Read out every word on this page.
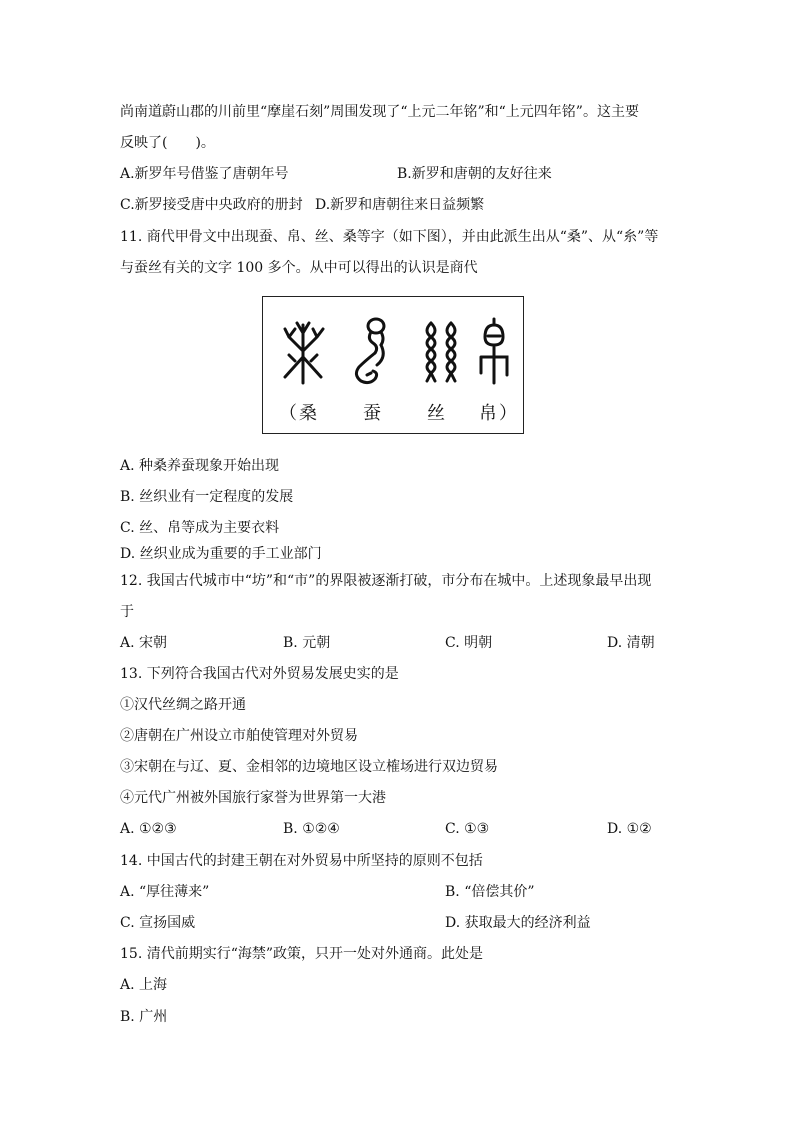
尚南道蔚山郡的川前里“摩崖石刻”周围发现了“上元二年铭”和“上元四年铭”。这主要
反映了(　　)。
A.新罗年号借鉴了唐朝年号	B.新罗和唐朝的友好往来
C.新罗接受唐中央政府的册封 D.新罗和唐朝往来日益频繁
11. 商代甲骨文中出现蚕、帛、丝、桑等字（如下图），并由此派生出从“桑”、从“糸”等
与蚕丝有关的文字 100 多个。从中可以得出的认识是商代
（ 桑	蚕	丝 帛 ）
A. 种桑养蚕现象开始出现
B. 丝织业有一定程度的发展
C. 丝、帛等成为主要衣料
D. 丝织业成为重要的手工业部门
12. 我国古代城市中“坊”和“市”的界限被逐渐打破，市分布在城中。上述现象最早出现
于
A. 宋朝	B. 元朝	C. 明朝	D. 清朝
13. 下列符合我国古代对外贸易发展史实的是
①汉代丝绸之路开通
②唐朝在广州设立市舶使管理对外贸易
③宋朝在与辽、夏、金相邻的边境地区设立榷场进行双边贸易
④元代广州被外国旅行家誉为世界第一大港
A. ①②③	B. ①②④	C. ①③	D. ①②
14. 中国古代的封建王朝在对外贸易中所坚持的原则不包括
A. “厚往薄来”	B. “倍偿其价”
C. 宣扬国威	D. 获取最大的经济利益
15. 清代前期实行“海禁”政策，只开一处对外通商。此处是
A. 上海
B. 广州
